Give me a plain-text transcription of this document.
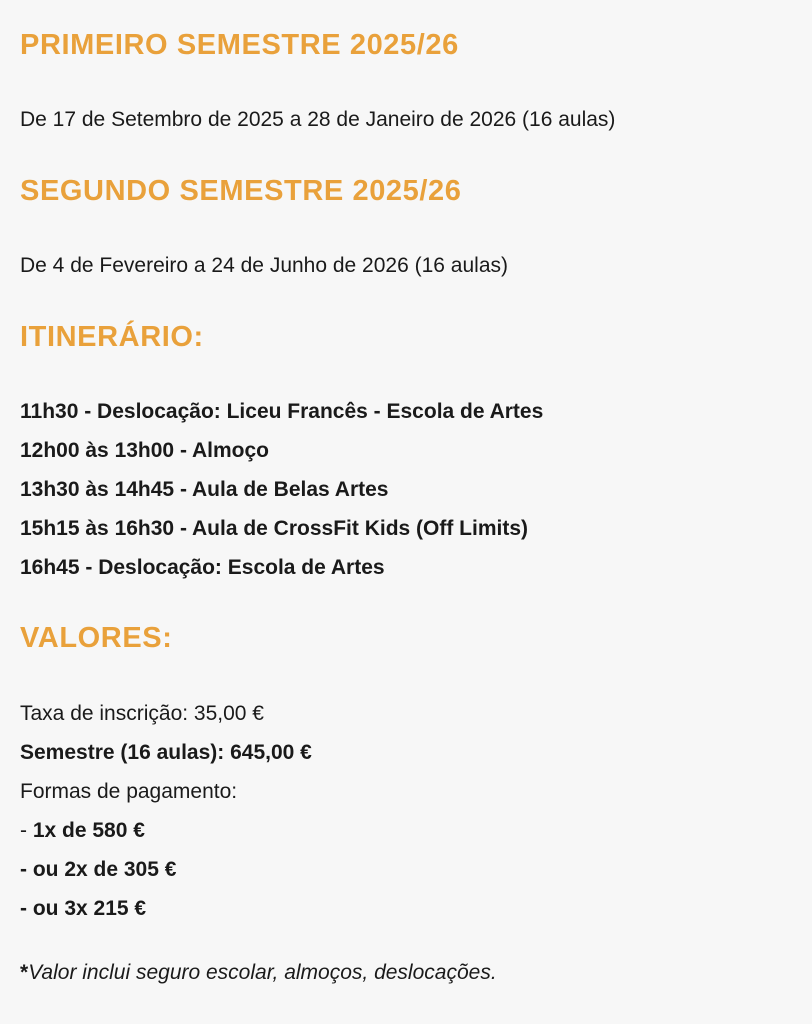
PRIMEIRO SEMESTRE 2025/26

De 17 de Setembro de 2025 a 28 de Janeiro de 2026 (16 aulas)

SEGUNDO SEMESTRE 2025/26

De 4 de Fevereiro a 24 de Junho de 2026 (16 aulas)

ITINERÁRIO:

11h30 - Deslocação: Liceu Francês - Escola de Artes

12h00 às 13h00 - Almoço

13h30 às 14h45 - Aula de Belas Artes

15h15 às 16h30 - Aula de CrossFit Kids (Off Limits)

16h45 - Deslocação: Escola de Artes

VALORES:

Taxa de inscrição: 35,00 €

Semestre (16 aulas): 645,00 €

Formas de pagamento:

- 1x de 580 €

- ou 2x de 305 €

- ou 3x 215 €

*Valor inclui seguro escolar, almoços, deslocações.
